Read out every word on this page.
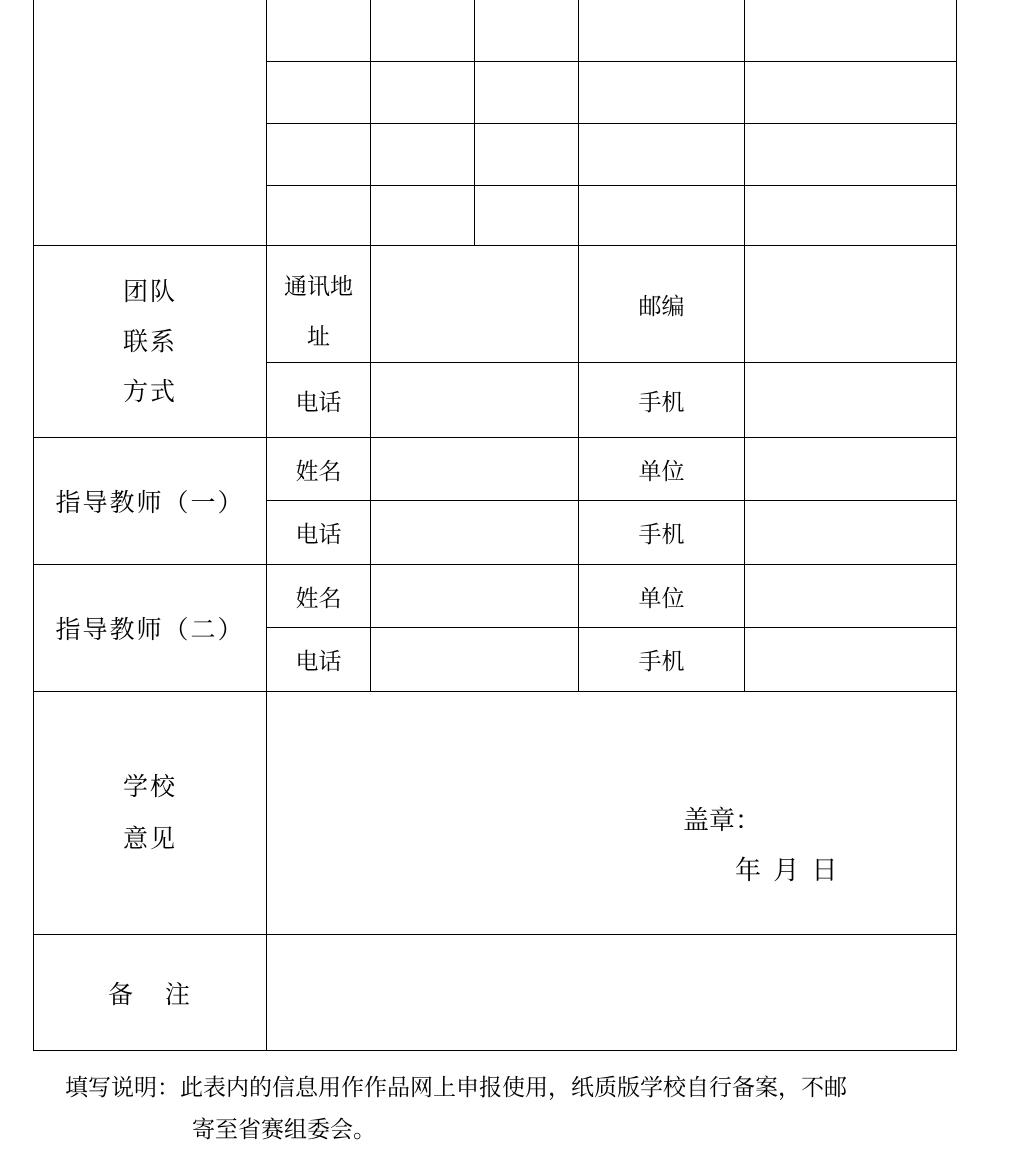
团队
联系
方式	通讯地址			邮编	
	电话			手机	
指导教师（一）	姓名			单位	
	电话			手机	
指导教师（二）	姓名			单位	
	电话			手机	

学校
意见	盖章：
年 月 日				

备   注					
填写说明：此表内的信息用作作品网上申报使用，纸质版学校自行备案，不邮
寄至省赛组委会。
